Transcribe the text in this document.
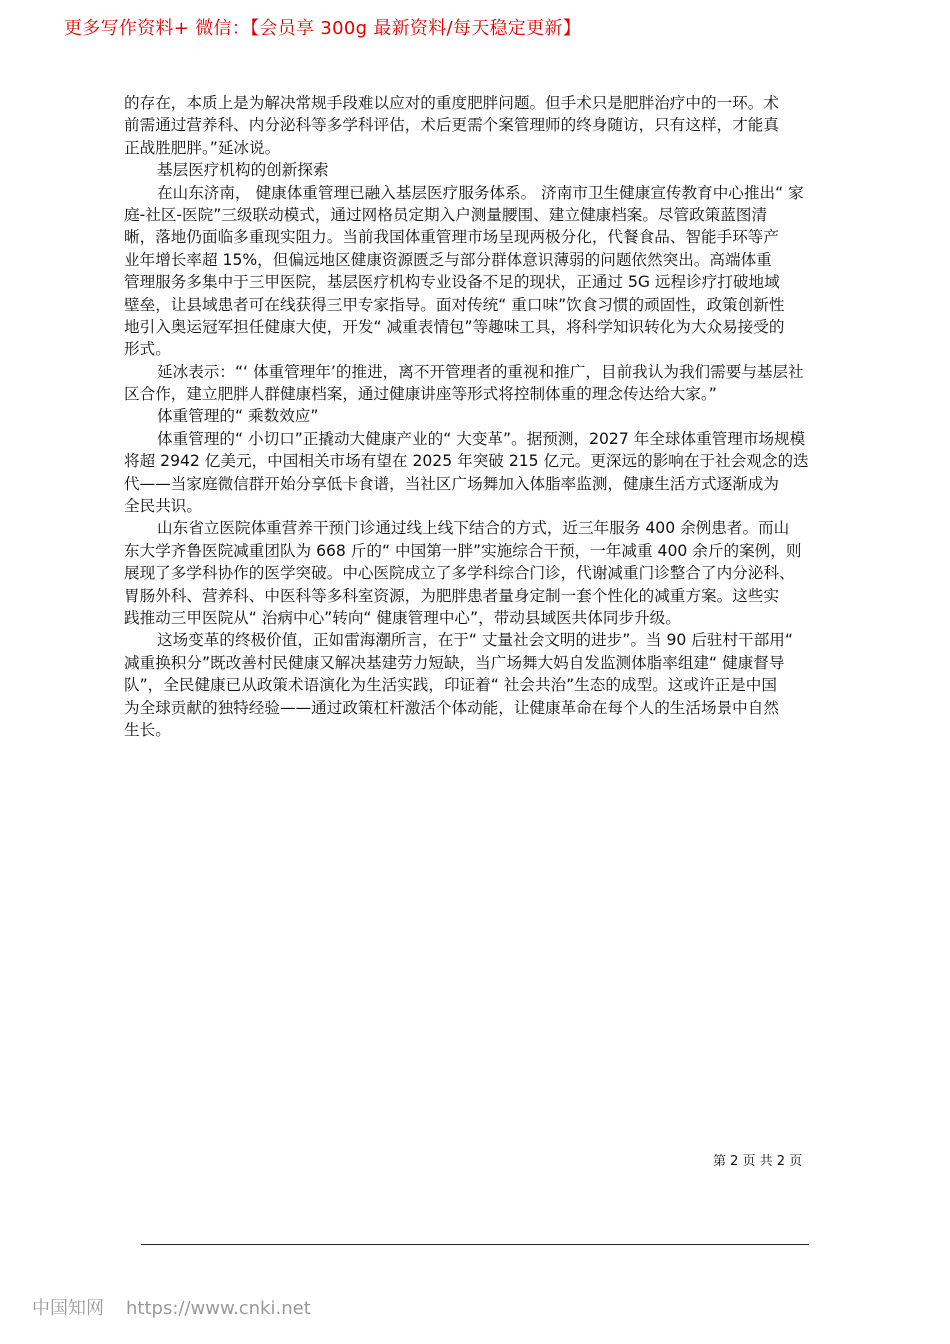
更多写作资料+ 微信：【会员享 300g 最新资料/每天稳定更新】
的存在，本质上是为解决常规手段难以应对的重度肥胖问题。但手术只是肥胖治疗中的一环。术
前需通过营养科、内分泌科等多学科评估，术后更需个案管理师的终身随访，只有这样，才能真
正战胜肥胖。”延冰说。
基层医疗机构的创新探索
在山东济南， 健康体重管理已融入基层医疗服务体系。 济南市卫生健康宣传教育中心推出“ 家
庭-社区-医院”三级联动模式，通过网格员定期入户测量腰围、建立健康档案。尽管政策蓝图清
晰，落地仍面临多重现实阻力。当前我国体重管理市场呈现两极分化，代餐食品、智能手环等产
业年增长率超 15%，但偏远地区健康资源匮乏与部分群体意识薄弱的问题依然突出。高端体重
管理服务多集中于三甲医院，基层医疗机构专业设备不足的现状，正通过 5G 远程诊疗打破地域
壁垒，让县域患者可在线获得三甲专家指导。面对传统“ 重口味”饮食习惯的顽固性，政策创新性
地引入奥运冠军担任健康大使，开发“ 减重表情包”等趣味工具，将科学知识转化为大众易接受的
形式。
延冰表示：“‘ 体重管理年’的推进，离不开管理者的重视和推广，目前我认为我们需要与基层社
区合作，建立肥胖人群健康档案，通过健康讲座等形式将控制体重的理念传达给大家。”
体重管理的“ 乘数效应”
体重管理的“ 小切口”正撬动大健康产业的“ 大变革”。据预测，2027 年全球体重管理市场规模
将超 2942 亿美元，中国相关市场有望在 2025 年突破 215 亿元。更深远的影响在于社会观念的迭
代——当家庭微信群开始分享低卡食谱，当社区广场舞加入体脂率监测，健康生活方式逐渐成为
全民共识。
山东省立医院体重营养干预门诊通过线上线下结合的方式，近三年服务 400 余例患者。而山
东大学齐鲁医院减重团队为 668 斤的“ 中国第一胖”实施综合干预，一年减重 400 余斤的案例，则
展现了多学科协作的医学突破。中心医院成立了多学科综合门诊，代谢减重门诊整合了内分泌科、
胃肠外科、营养科、中医科等多科室资源，为肥胖患者量身定制一套个性化的减重方案。这些实
践推动三甲医院从“ 治病中心”转向“ 健康管理中心”，带动县域医共体同步升级。
这场变革的终极价值，正如雷海潮所言，在于“ 丈量社会文明的进步”。当 90 后驻村干部用“
减重换积分”既改善村民健康又解决基建劳力短缺，当广场舞大妈自发监测体脂率组建“ 健康督导
队”，全民健康已从政策术语演化为生活实践，印证着“ 社会共治”生态的成型。这或许正是中国
为全球贡献的独特经验——通过政策杠杆激活个体动能，让健康革命在每个人的生活场景中自然
生长。
第 2 页 共 2 页
中国知网 https://www.cnki.net
